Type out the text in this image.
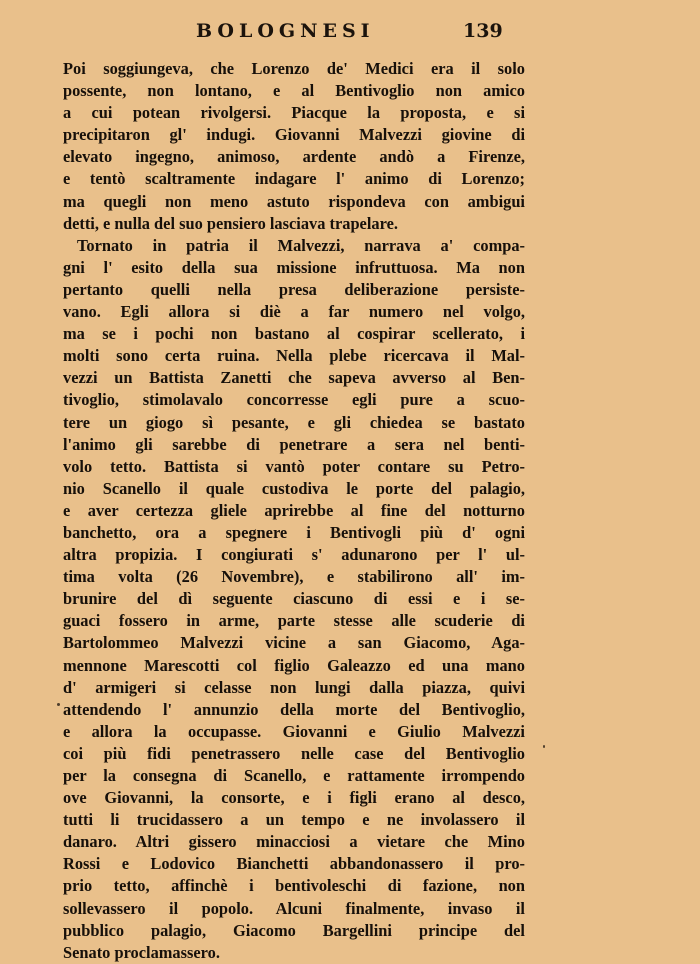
BOLOGNESI	139
Poi soggiungeva, che Lorenzo de' Medici era il solo
possente, non lontano, e al Bentivoglio non amico
a cui potean rivolgersi. Piacque la proposta, e si
precipitaron gl' indugi. Giovanni Malvezzi giovine di
elevato ingegno, animoso, ardente andò a Firenze,
e tentò scaltramente indagare l' animo di Lorenzo;
ma quegli non meno astuto rispondeva con ambigui
detti, e nulla del suo pensiero lasciava trapelare.
Tornato in patria il Malvezzi, narrava a' compa-
gni l' esito della sua missione infruttuosa. Ma non
pertanto quelli nella presa deliberazione persiste-
vano. Egli allora si diè a far numero nel volgo,
ma se i pochi non bastano al cospirar scellerato, i
molti sono certa ruina. Nella plebe ricercava il Mal-
vezzi un Battista Zanetti che sapeva avverso al Ben-
tivoglio, stimolavalo concorresse egli pure a scuo-
tere un giogo sì pesante, e gli chiedea se bastato
l'animo gli sarebbe di penetrare a sera nel benti-
volo tetto. Battista si vantò poter contare su Petro-
nio Scanello il quale custodiva le porte del palagio,
e aver certezza gliele aprirebbe al fine del notturno
banchetto, ora a spegnere i Bentivogli più d' ogni
altra propizia. I congiurati s' adunarono per l' ul-
tima volta (26 Novembre), e stabilirono all' im-
brunire del dì seguente ciascuno di essi e i se-
guaci fossero in arme, parte stesse alle scuderie di
Bartolommeo Malvezzi vicine a san Giacomo, Aga-
mennone Marescotti col figlio Galeazzo ed una mano
d' armigeri si celasse non lungi dalla piazza, quivi
attendendo l' annunzio della morte del Bentivoglio,
e allora la occupasse. Giovanni e Giulio Malvezzi
coi più fidi penetrassero nelle case del Bentivoglio
per la consegna di Scanello, e rattamente irrompendo
ove Giovanni, la consorte, e i figli erano al desco,
tutti li trucidassero a un tempo e ne involassero il
danaro. Altri gissero minacciosi a vietare che Mino
Rossi e Lodovico Bianchetti abbandonassero il pro-
prio tetto, affinchè i bentivoleschi di fazione, non
sollevassero il popolo. Alcuni finalmente, invaso il
pubblico palagio, Giacomo Bargellini principe del
Senato proclamassero.
